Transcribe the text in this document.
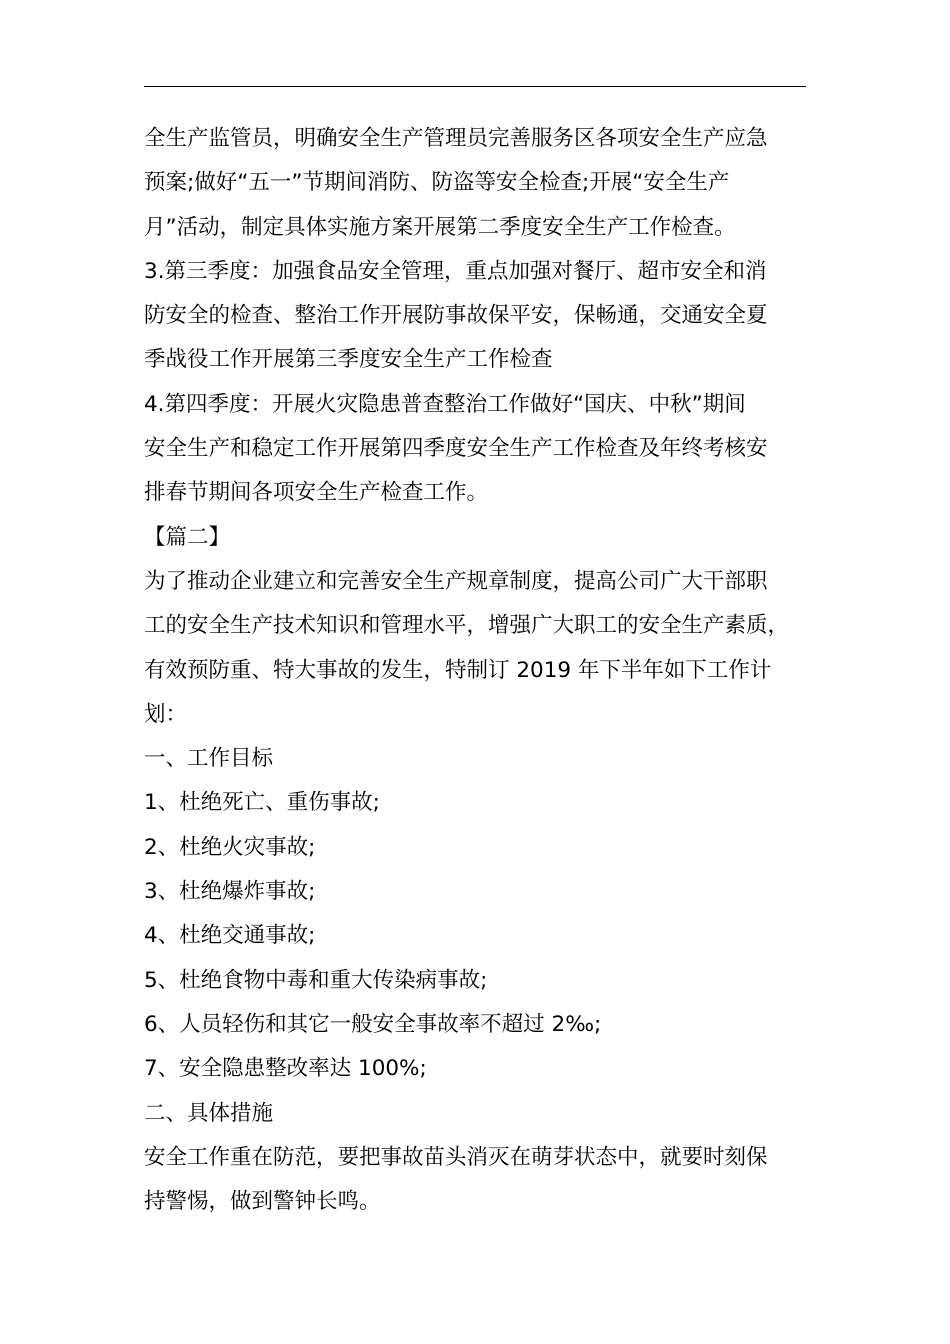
全生产监管员，明确安全生产管理员完善服务区各项安全生产应急
预案;做好“五一”节期间消防、防盗等安全检查;开展“安全生产
月”活动，制定具体实施方案开展第二季度安全生产工作检查。
3.第三季度：加强食品安全管理，重点加强对餐厅、超市安全和消
防安全的检查、整治工作开展防事故保平安，保畅通，交通安全夏
季战役工作开展第三季度安全生产工作检查
4.第四季度：开展火灾隐患普查整治工作做好“国庆、中秋”期间
安全生产和稳定工作开展第四季度安全生产工作检查及年终考核安
排春节期间各项安全生产检查工作。
【篇二】
为了推动企业建立和完善安全生产规章制度，提高公司广大干部职
工的安全生产技术知识和管理水平，增强广大职工的安全生产素质，
有效预防重、特大事故的发生，特制订 2019 年下半年如下工作计
划：
一、工作目标
1、杜绝死亡、重伤事故;
2、杜绝火灾事故;
3、杜绝爆炸事故;
4、杜绝交通事故;
5、杜绝食物中毒和重大传染病事故;
6、人员轻伤和其它一般安全事故率不超过 2‰;
7、安全隐患整改率达 100%;
二、具体措施
安全工作重在防范，要把事故苗头消灭在萌芽状态中，就要时刻保
持警惕，做到警钟长鸣。
